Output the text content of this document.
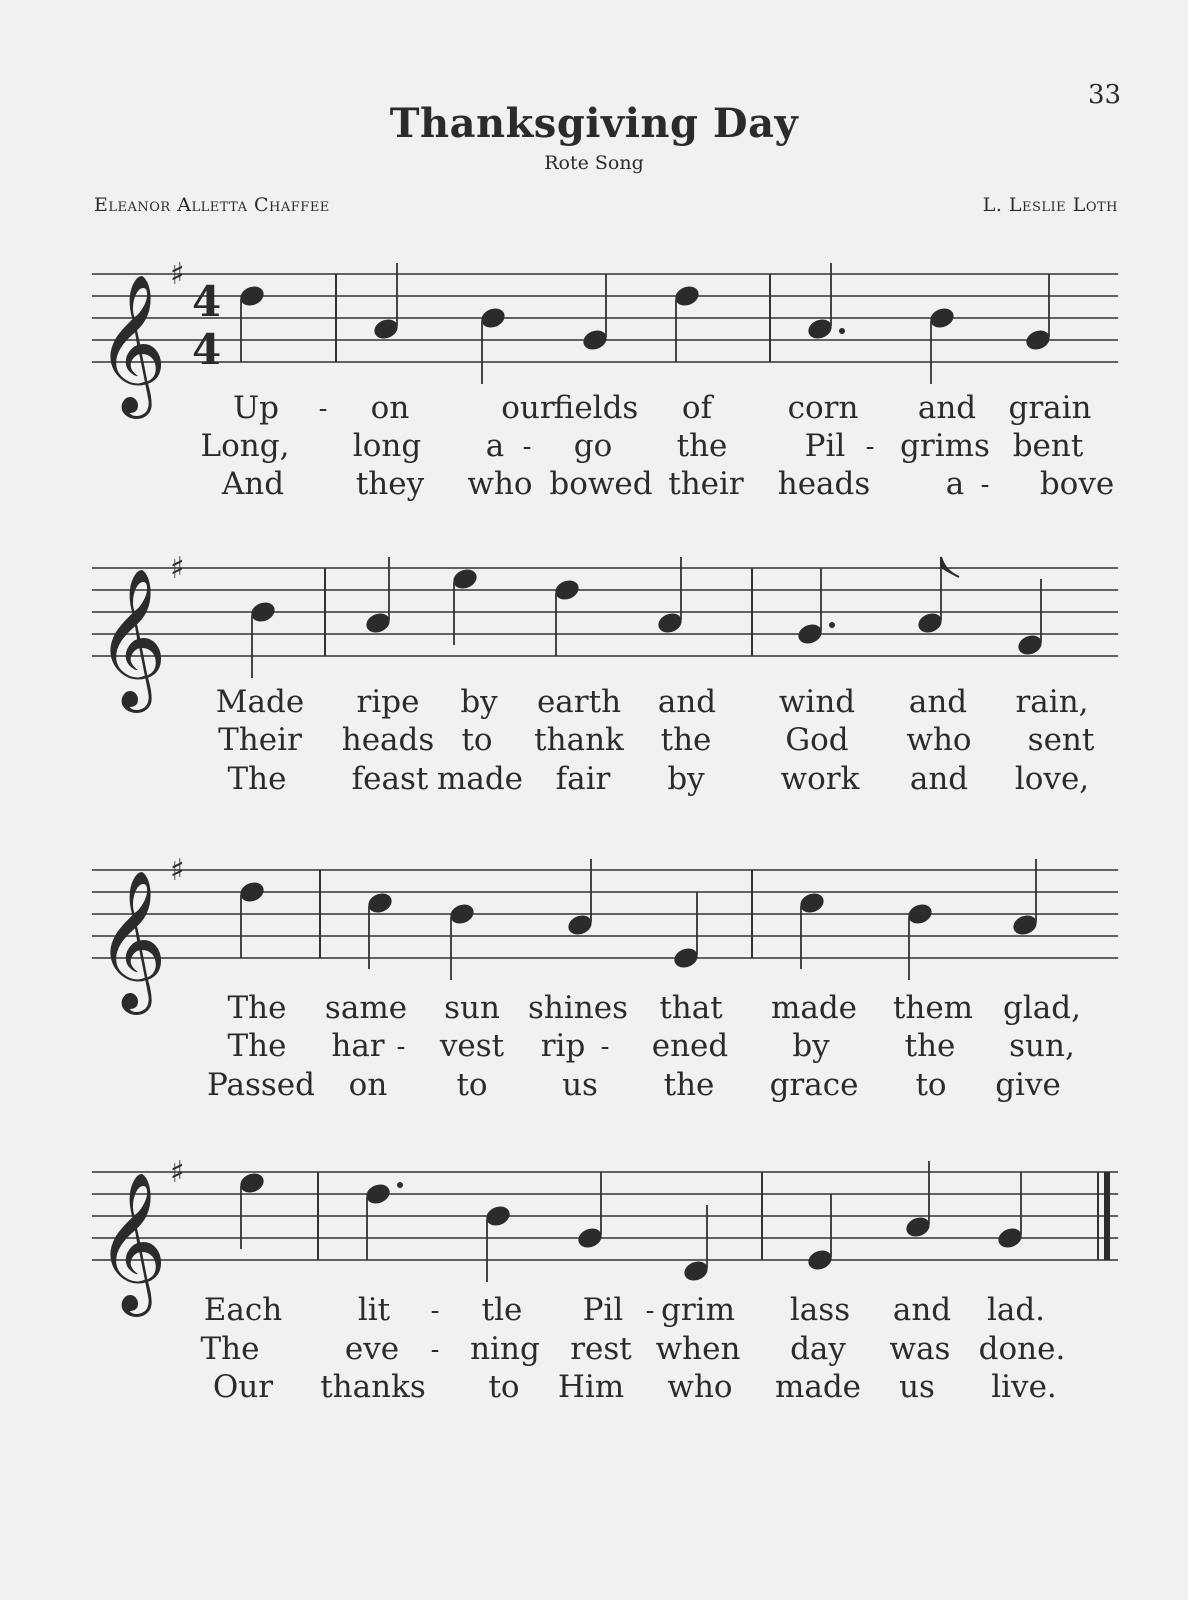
33
Thanksgiving Day
Rote Song
Eleanor Alletta Chaffee	L. Leslie Loth
𝄞 ♯
4
4
Up - on	our
fields of corn and grain
Long, long a - go the Pil - grims bent
And they who bowed their heads a - bove
𝄞 ♯
Made ripe by earth and wind and rain,
Their heads to thank the God who sent
The feast made fair by work and love,
𝄞 ♯
The same sun shines that made them glad,
The har - vest rip - ened by the sun,
Passed on to us the grace to give
𝄞 ♯
Each lit - tle Pil - grim lass and lad.
The	eve - ning rest when day was done.
Our thanks to Him who made us live.
